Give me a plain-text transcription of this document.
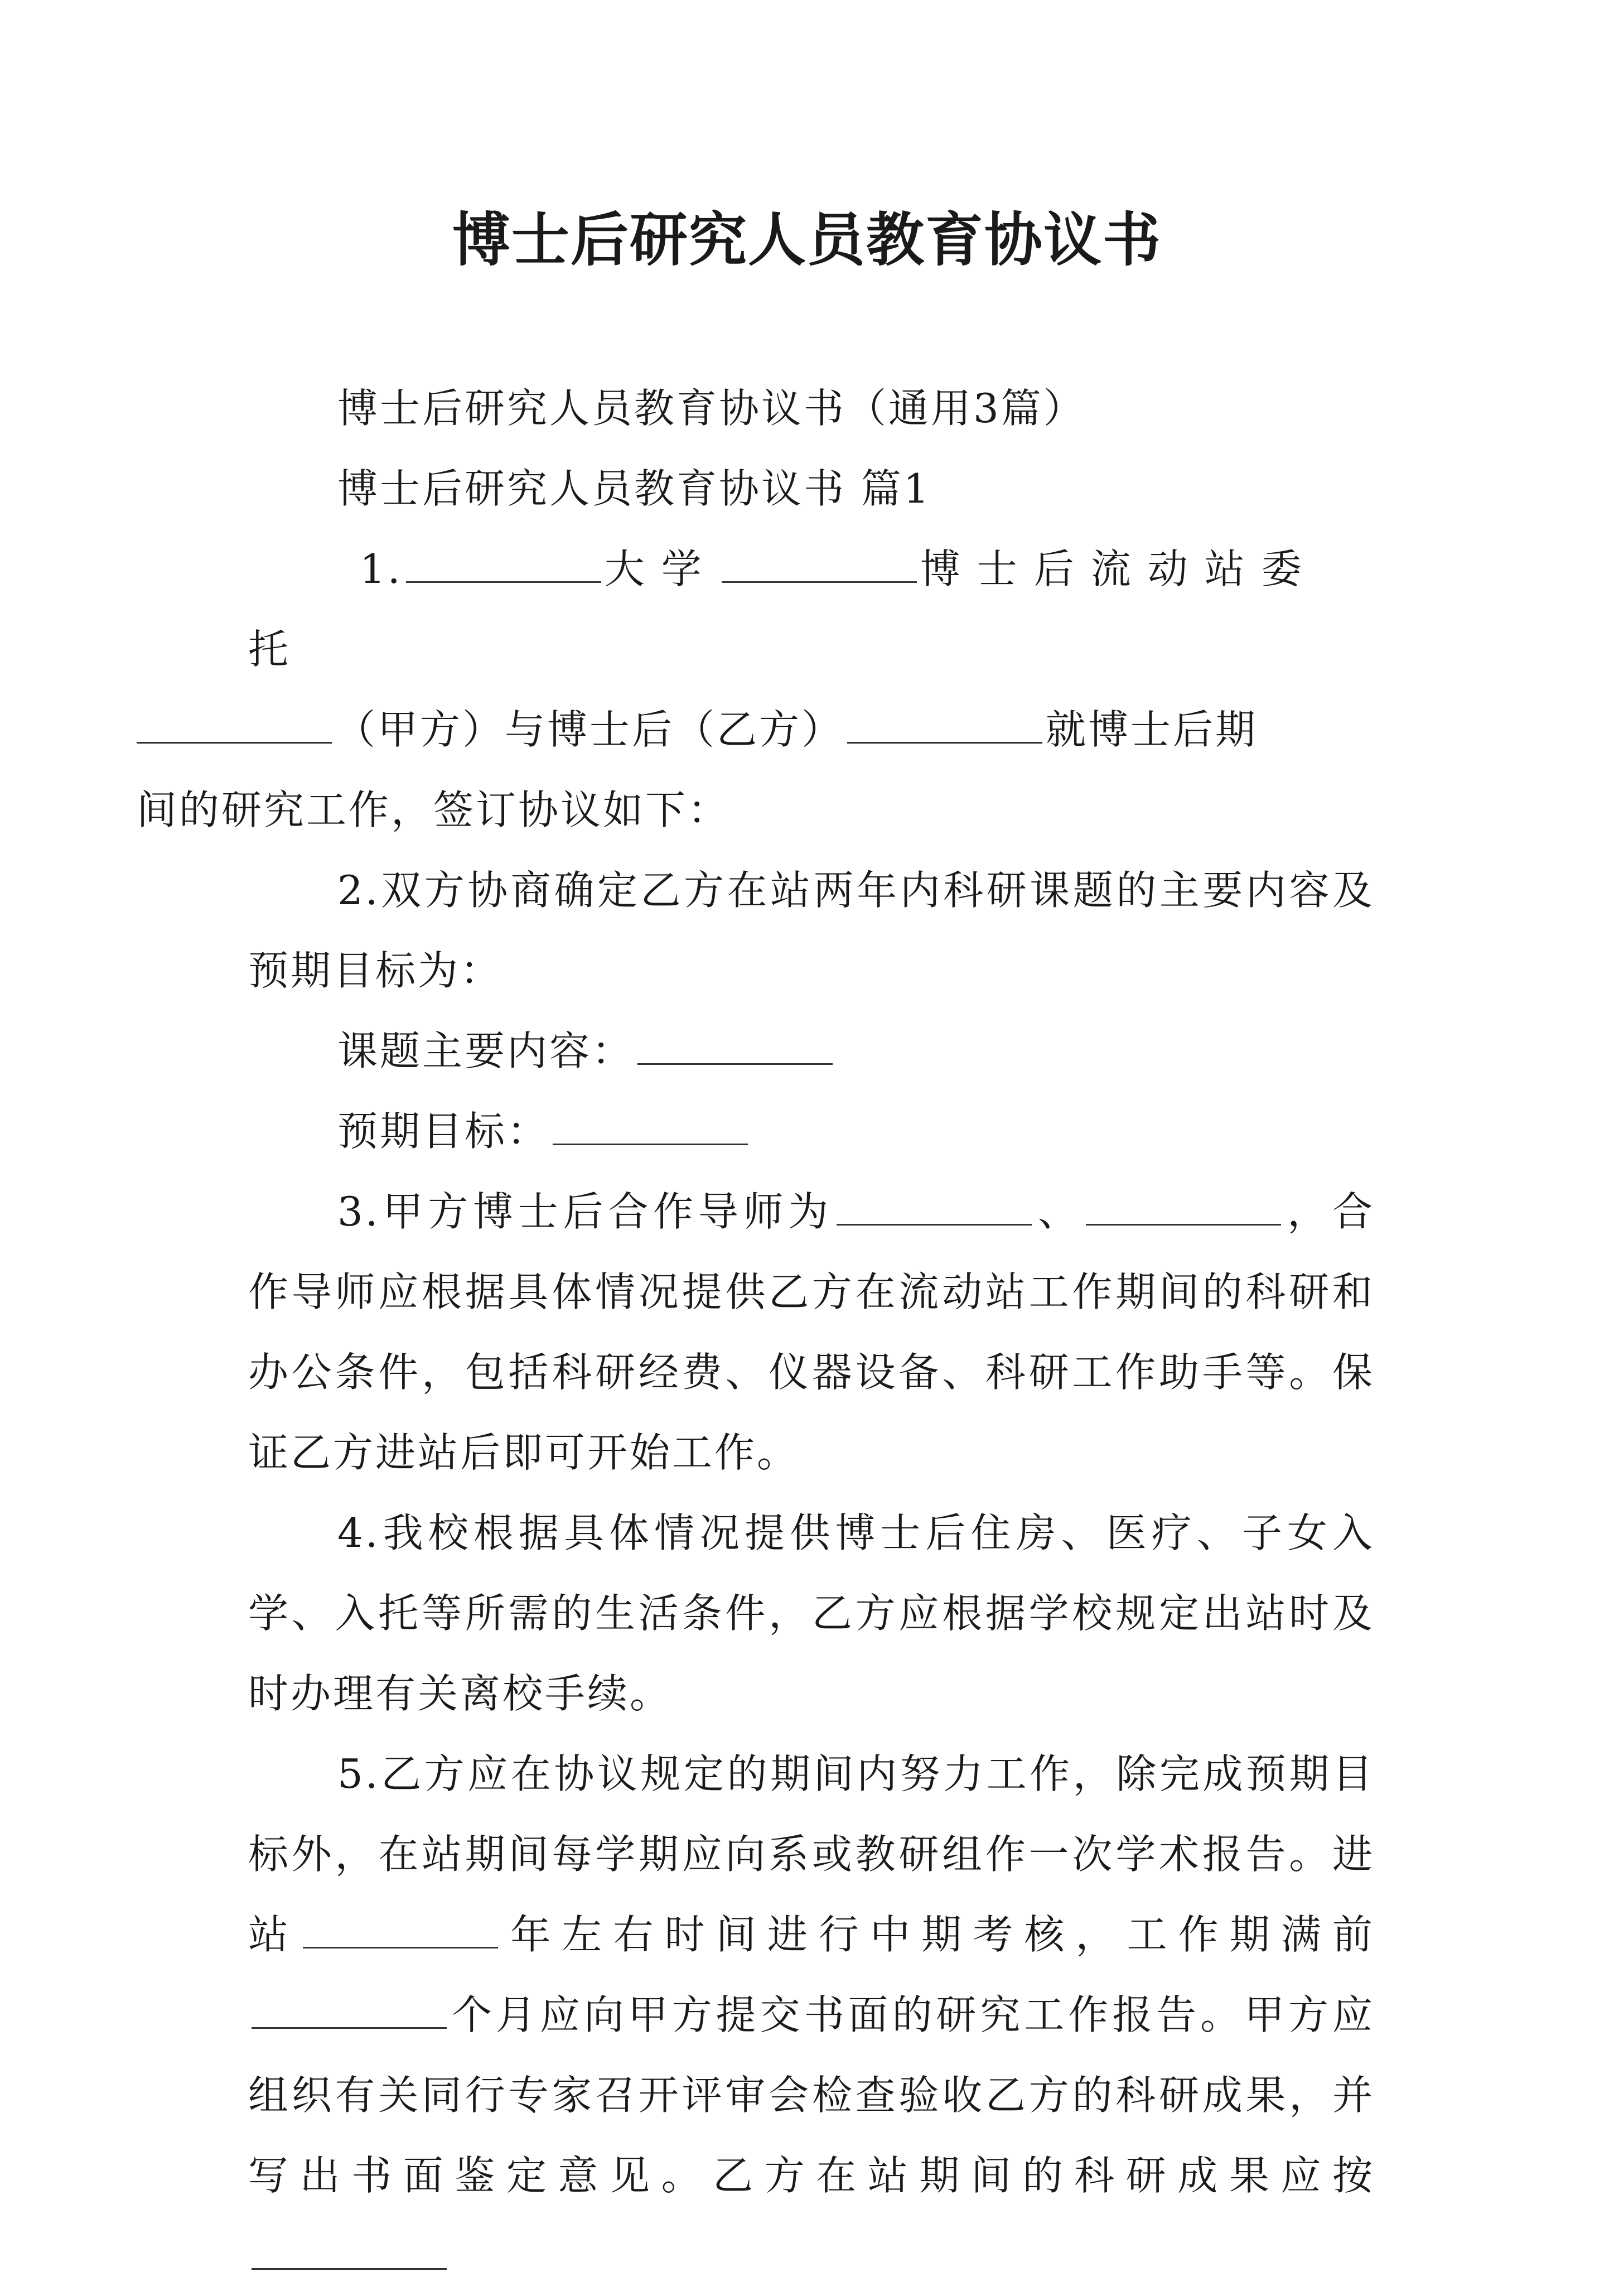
博士后研究人员教育协议书

博士后研究人员教育协议书（通用3篇）

博士后研究人员教育协议书 篇1

1.	大学	博士后流动站委托
（甲方）与博士后（乙方）	就博士后期
间的研究工作，签订协议如下：

2.双方协商确定乙方在站两年内科研课题的主要内容及预期目标为：

课题主要内容：

预期目标：

3.甲方博士后合作导师为	、	，合作导师应根据具体情况提供乙方在流动站工作期间的科研和办公条件，包括科研经费、仪器设备、科研工作助手等。保证乙方进站后即可开始工作。

4.我校根据具体情况提供博士后住房、医疗、子女入学、入托等所需的生活条件，乙方应根据学校规定出站时及时办理有关离校手续。

5.乙方应在协议规定的期间内努力工作，除完成预期目标外，在站期间每学期应向系或教研组作一次学术报告。进站	年左右时间进行中期考核，工作期满前个月应向甲方提交书面的研究工作报告。甲方应组织有关同行专家召开评审会检查验收乙方的科研成果，并写出书面鉴定意见。乙方在站期间的科研成果应按
